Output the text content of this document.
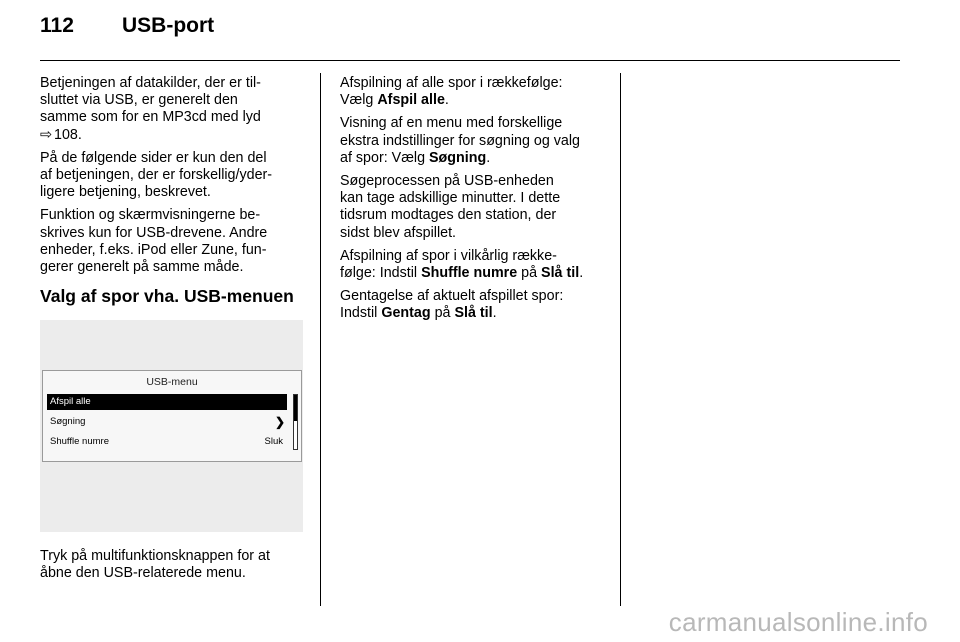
112	USB-port

Betjeningen af datakilder, der er til-
sluttet via USB, er generelt den
samme som for en MP3cd med lyd
⇨ 108.

På de følgende sider er kun den del
af betjeningen, der er forskellig/yder-
ligere betjening, beskrevet.

Funktion og skærmvisningerne be-
skrives kun for USB-drevene. Andre
enheder, f.eks. iPod eller Zune, fun-
gerer generelt på samme måde.

Valg af spor vha. USB-menuen
USB-menu
Afspil alle
Søgning	❯
Shuffle numre	Sluk

Tryk på multifunktionsknappen for at
åbne den USB-relaterede menu.

Afspilning af alle spor i rækkefølge:
Vælg Afspil alle.

Visning af en menu med forskellige
ekstra indstillinger for søgning og valg
af spor: Vælg Søgning.

Søgeprocessen på USB-enheden
kan tage adskillige minutter. I dette
tidsrum modtages den station, der
sidst blev afspillet.

Afspilning af spor i vilkårlig række-
følge: Indstil Shuffle numre på Slå til.

Gentagelse af aktuelt afspillet spor:
Indstil Gentag på Slå til.

carmanualsonline.info
